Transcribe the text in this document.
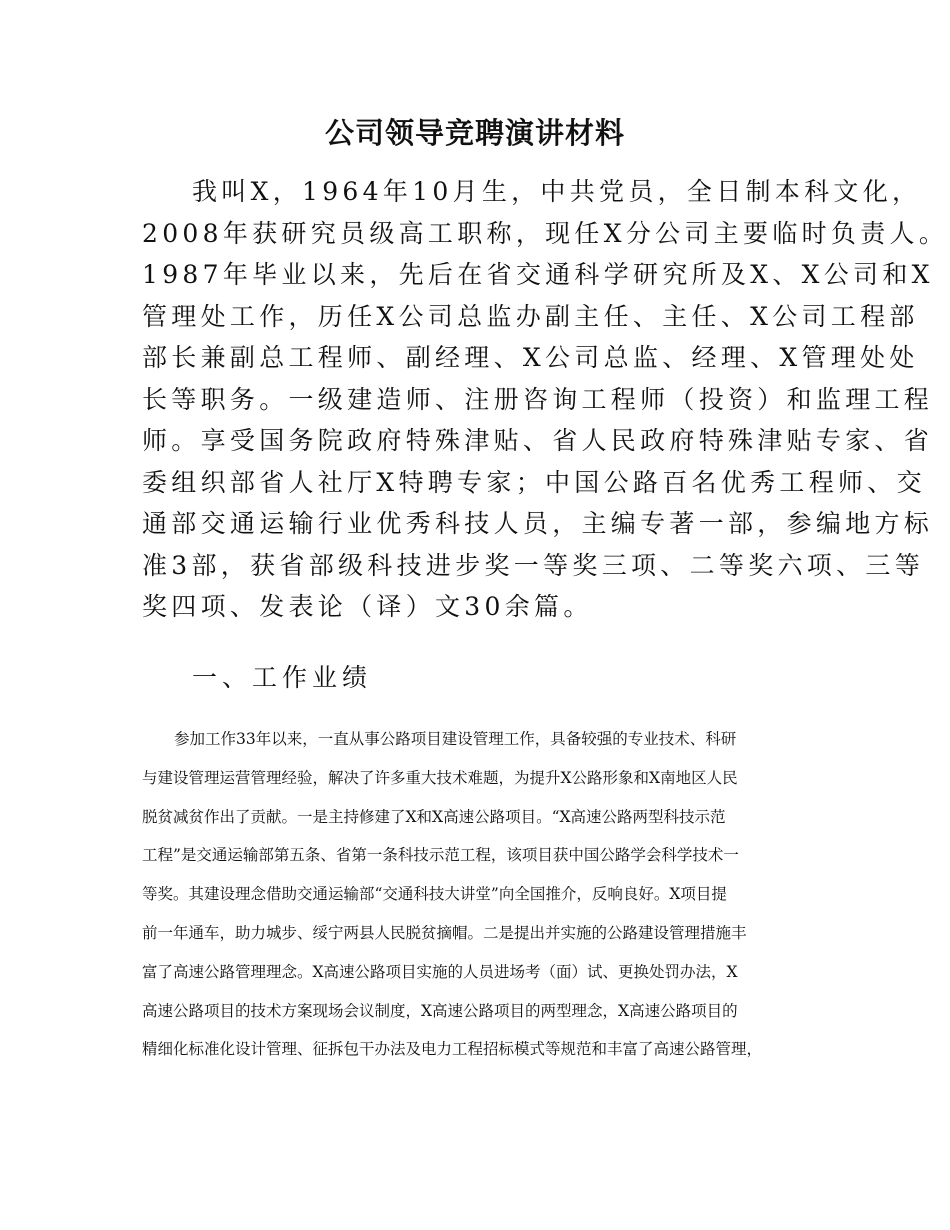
公司领导竞聘演讲材料
我叫X，1964年10月生，中共党员，全日制本科文化，
2008年获研究员级高工职称，现任X分公司主要临时负责人。
1987年毕业以来，先后在省交通科学研究所及X、X公司和X
管理处工作，历任X公司总监办副主任、主任、X公司工程部
部长兼副总工程师、副经理、X公司总监、经理、X管理处处
长等职务。一级建造师、注册咨询工程师（投资）和监理工程
师。享受国务院政府特殊津贴、省人民政府特殊津贴专家、省
委组织部省人社厅X特聘专家；中国公路百名优秀工程师、交
通部交通运输行业优秀科技人员，主编专著一部，参编地方标
准3部，获省部级科技进步奖一等奖三项、二等奖六项、三等
奖四项、发表论（译）文30余篇。
一、工作业绩
参加工作33年以来，一直从事公路项目建设管理工作，具备较强的专业技术、科研
与建设管理运营管理经验，解决了许多重大技术难题，为提升X公路形象和X南地区人民
脱贫减贫作出了贡献。一是主持修建了X和X高速公路项目。“X高速公路两型科技示范
工程”是交通运输部第五条、省第一条科技示范工程，该项目获中国公路学会科学技术一
等奖。其建设理念借助交通运输部“交通科技大讲堂”向全国推介，反响良好。X项目提
前一年通车，助力城步、绥宁两县人民脱贫摘帽。二是提出并实施的公路建设管理措施丰
富了高速公路管理理念。X高速公路项目实施的人员进场考（面）试、更换处罚办法，X
高速公路项目的技术方案现场会议制度，X高速公路项目的两型理念，X高速公路项目的
精细化标准化设计管理、征拆包干办法及电力工程招标模式等规范和丰富了高速公路管理，
